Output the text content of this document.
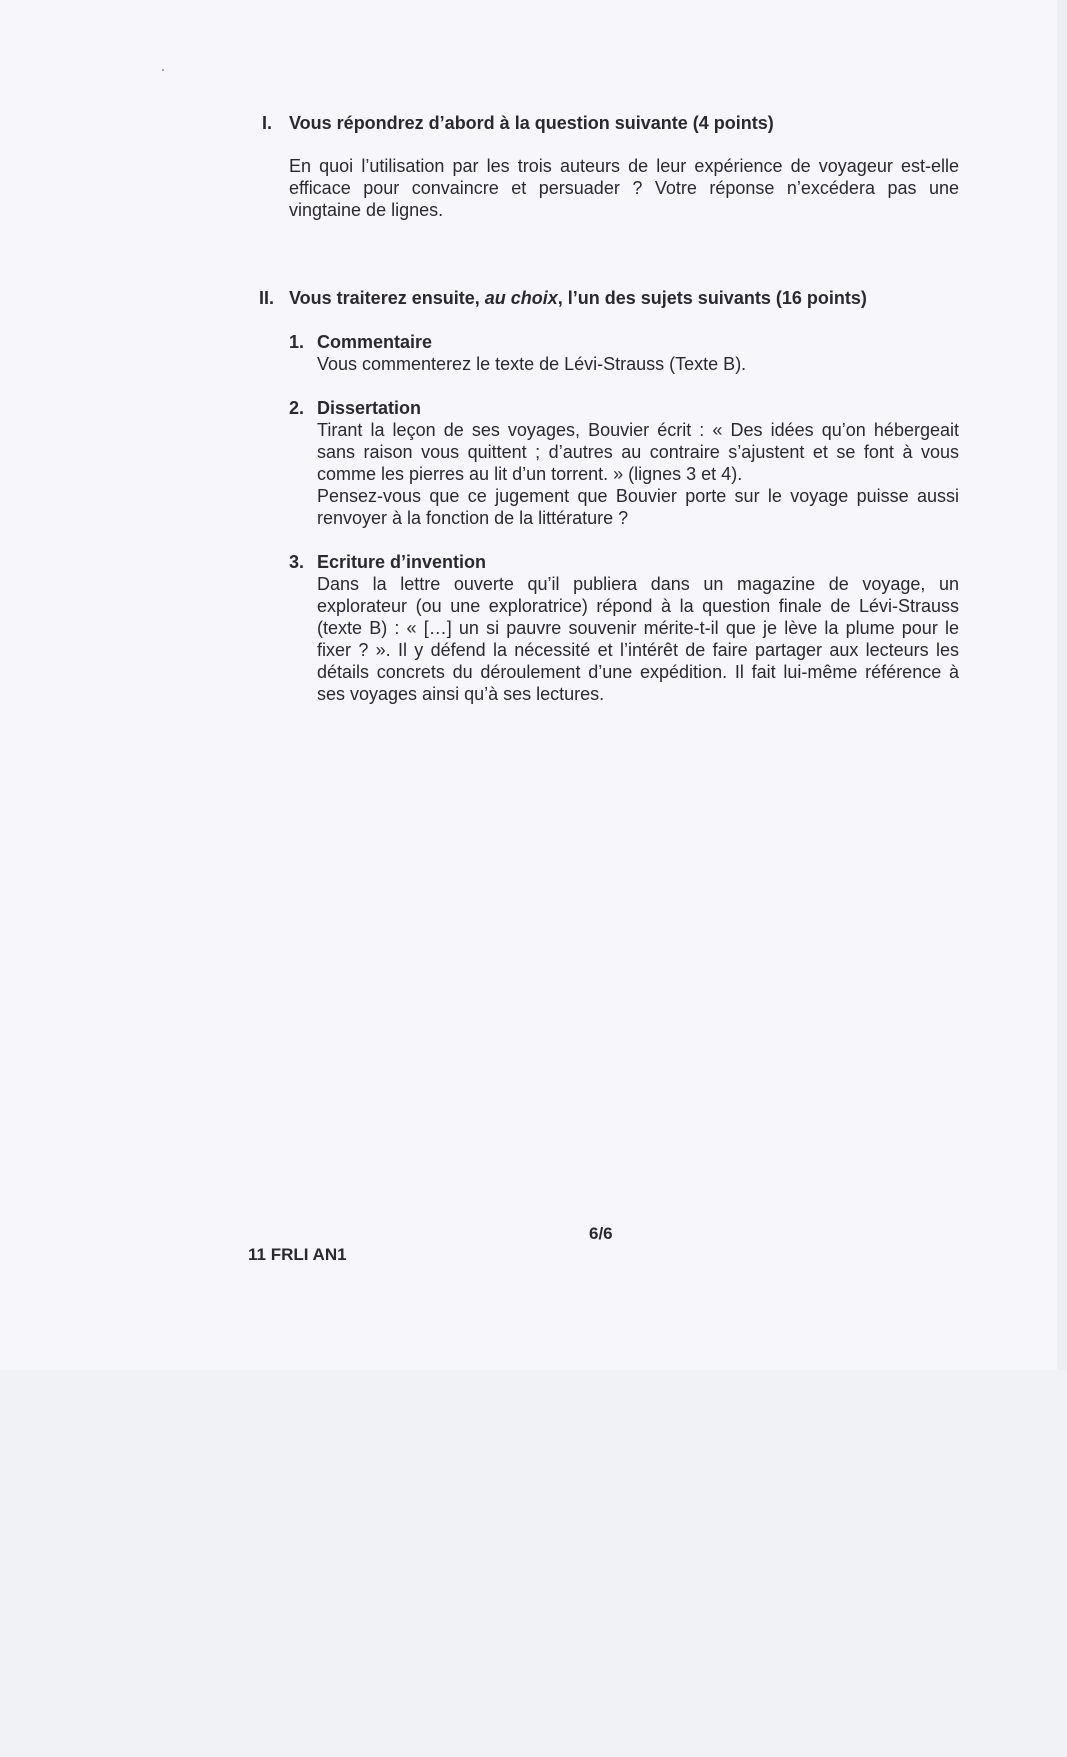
I. Vous répondrez d’abord à la question suivante (4 points)
En quoi l’utilisation par les trois auteurs de leur expérience de voyageur est-elle efficace pour convaincre et persuader ? Votre réponse n’excédera pas une vingtaine de lignes.
II. Vous traiterez ensuite, au choix, l’un des sujets suivants (16 points)
1. Commentaire
Vous commenterez le texte de Lévi-Strauss (Texte B).
2. Dissertation
Tirant la leçon de ses voyages, Bouvier écrit : « Des idées qu’on hébergeait sans raison vous quittent ; d’autres au contraire s’ajustent et se font à vous comme les pierres au lit d’un torrent. » (lignes 3 et 4).
Pensez-vous que ce jugement que Bouvier porte sur le voyage puisse aussi renvoyer à la fonction de la littérature ?
3. Ecriture d’invention
Dans la lettre ouverte qu’il publiera dans un magazine de voyage, un explorateur (ou une exploratrice) répond à la question finale de Lévi-Strauss (texte B) : « […] un si pauvre souvenir mérite-t-il que je lève la plume pour le fixer ? ». Il y défend la nécessité et l’intérêt de faire partager aux lecteurs les détails concrets du déroulement d’une expédition. Il fait lui-même référence à ses voyages ainsi qu’à ses lectures.
6/6
11 FRLI AN1
